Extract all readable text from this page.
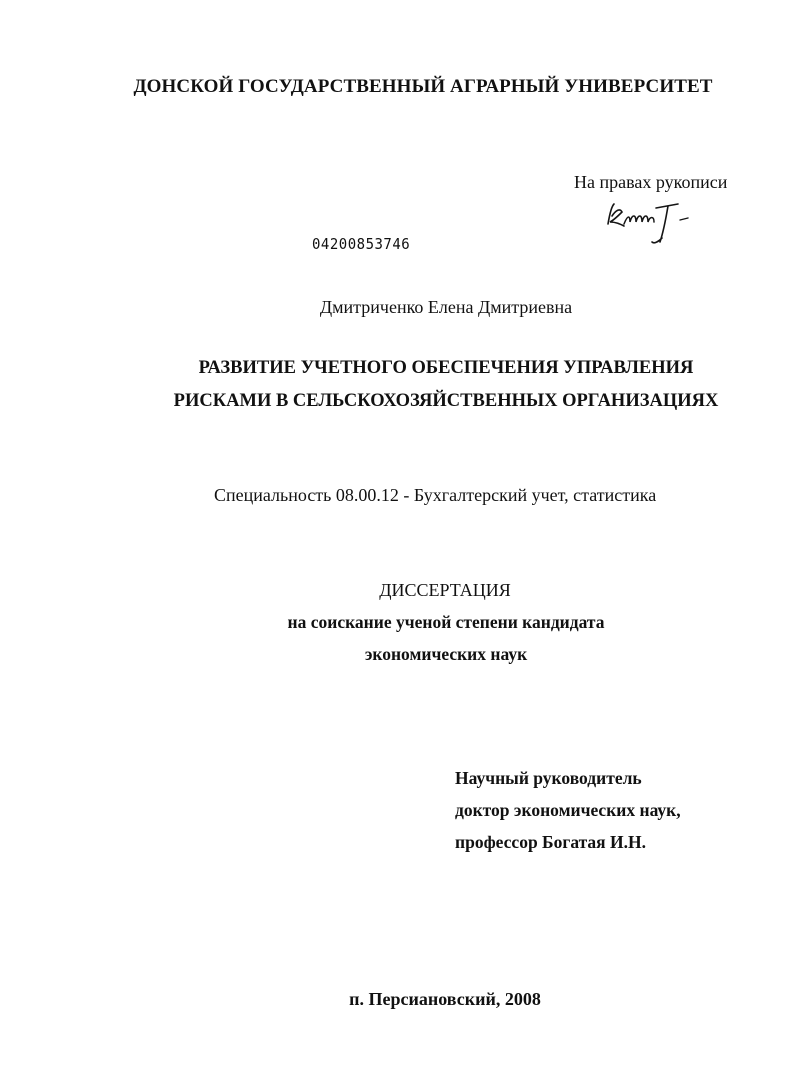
ДОНСКОЙ ГОСУДАРСТВЕННЫЙ АГРАРНЫЙ УНИВЕРСИТЕТ
На правах рукописи
04200853746
Дмитриченко Елена Дмитриевна
РАЗВИТИЕ УЧЕТНОГО ОБЕСПЕЧЕНИЯ УПРАВЛЕНИЯ
РИСКАМИ В СЕЛЬСКОХОЗЯЙСТВЕННЫХ ОРГАНИЗАЦИЯХ
Специальность 08.00.12 - Бухгалтерский учет, статистика
ДИССЕРТАЦИЯ
на соискание ученой степени кандидата
экономических наук
Научный руководитель
доктор экономических наук,
профессор Богатая И.Н.
п. Персиановский, 2008
